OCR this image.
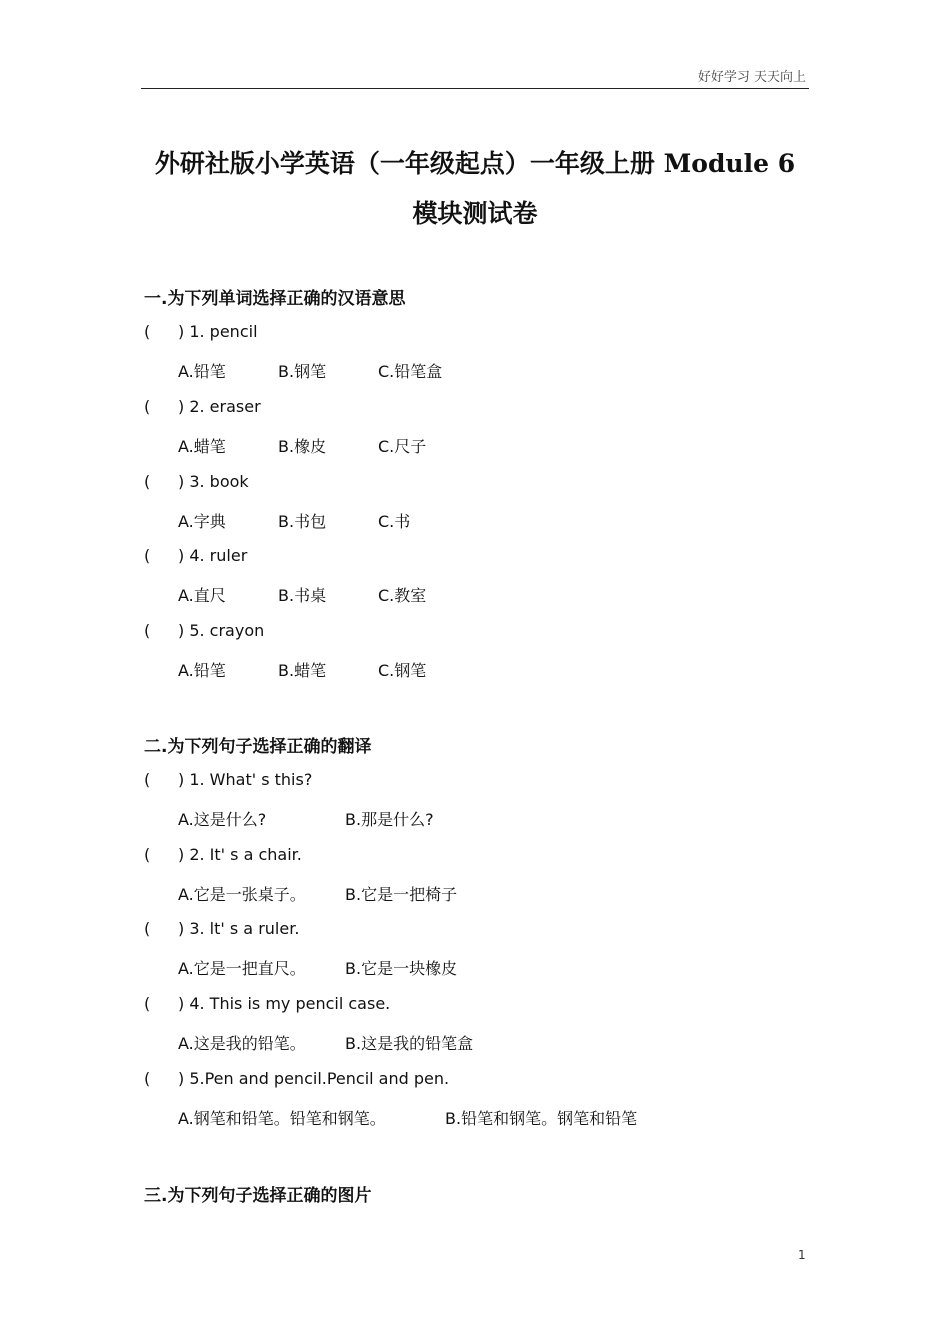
好好学习 天天向上
外研社版小学英语（一年级起点）一年级上册 Module 6
模块测试卷
一.为下列单词选择正确的汉语意思
( ) 1. pencil
A.铅笔	B.钢笔	C.铅笔盒
( ) 2. eraser
A.蜡笔	B.橡皮	C.尺子
( ) 3. book
A.字典	B.书包	C.书
( ) 4. ruler
A.直尺	B.书桌	C.教室
( ) 5. crayon
A.铅笔	B.蜡笔	C.钢笔
二.为下列句子选择正确的翻译
( ) 1. What' s this?
A.这是什么?	B.那是什么?
( ) 2. It' s a chair.
A.它是一张桌子。 B.它是一把椅子
( ) 3. lt' s a ruler.
A.它是一把直尺。 B.它是一块橡皮
( ) 4. This is my pencil case.
A.这是我的铅笔。 B.这是我的铅笔盒
( ) 5.Pen and pencil.Pencil and pen.
A.钢笔和铅笔。铅笔和钢笔。	B.铅笔和钢笔。钢笔和铅笔
三.为下列句子选择正确的图片
1
